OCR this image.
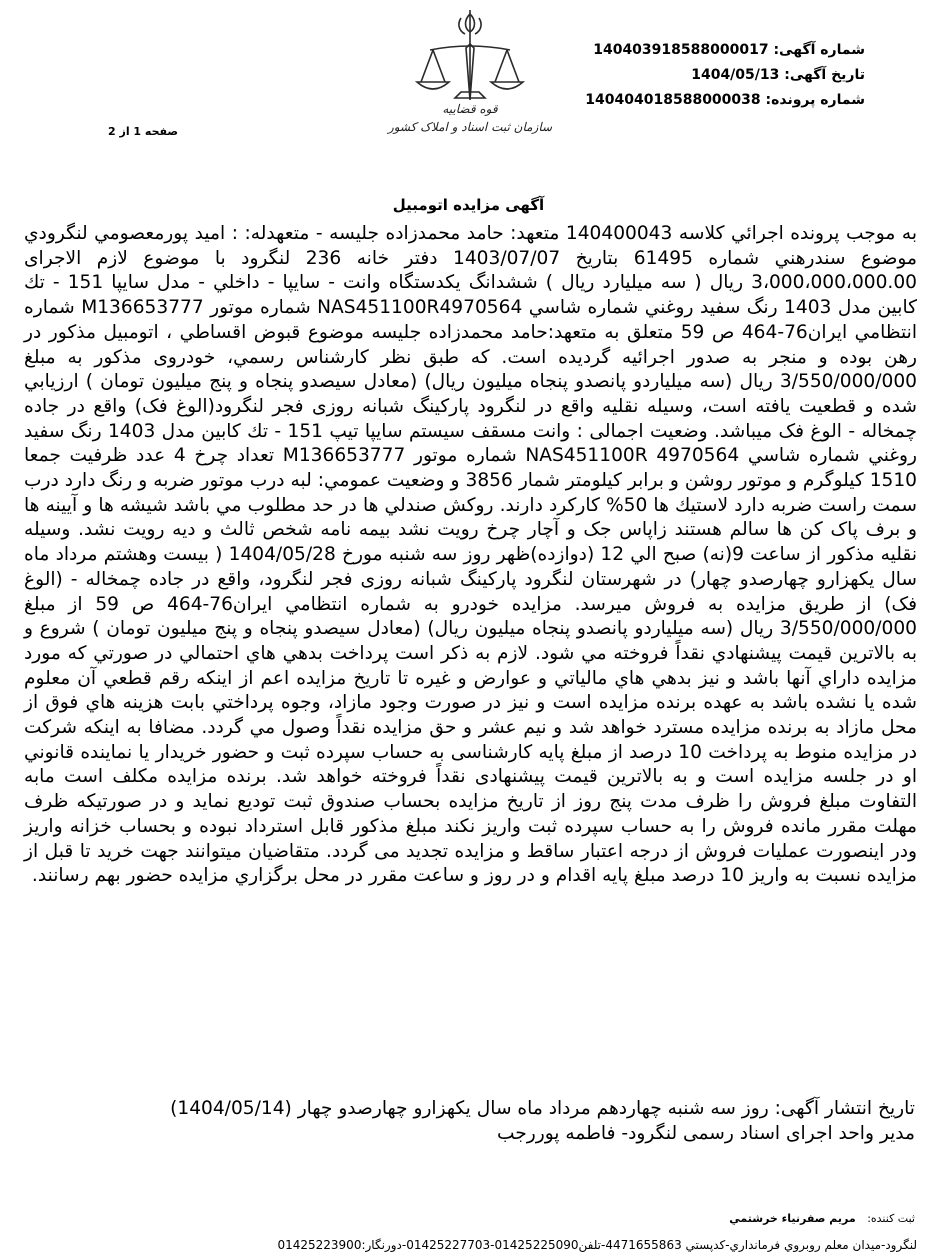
شماره آگهی: 14040391858800001​7
تاریخ آگهی: 1404/05/13
شماره پرونده: 14040401858800003​8
قوه قضاییه
سازمان ثبت اسناد و املاک کشور
صفحه 1 از 2
آگهی مزایده اتومبیل
به موجب پرونده اجرائي كلاسه 140400043 متعهد: حامد محمدزاده جلیسه - متعهدله: : امید پورمعصومي لنگرودي موضوع سندرهني شماره 61495 بتاريخ 1403/07/07 دفتر خانه 236 لنگرود با موضوع لازم الاجرای 3،000،000،000.00 ريال ( سه میلیارد ريال ) ششدانگ یکدستگاه وانت - سایپا - داخلي - مدل سايپا 151 - تك كابين مدل 1403 رنگ سفید روغني شماره شاسي NAS451100R4970564 شماره موتور M136653777 شماره انتظامي ايران76-464 ص 59 متعلق به متعهد:حامد محمدزاده جلیسه موضوع قبوض اقساطي ، اتومبيل مذكور در رهن بوده و منجر به صدور اجرائيه گرديده است. كه طبق نظر كارشناس رسمي، خودروی مذكور به مبلغ 3/550/000/000 ريال (سه میلیاردو پانصدو پنجاه میلیون ریال) (معادل سیصدو پنجاه و پنج میلیون تومان ) ارزيابي شده و قطعيت يافته است، وسيله نقليه واقع در لنگرود پارکینگ شبانه روزی فجر لنگرود(الوغ فک) واقع در جاده چمخاله - الوغ فک میباشد. وضعیت اجمالی : وانت مسقف سیستم سایپا تیپ 151 - تك كابين مدل 1403 رنگ سفید روغني شماره شاسي NAS451100R 4970564 شماره موتور M136653777 تعداد چرخ 4 عدد ظرفيت جمعا 1510 كيلوگرم و موتور روشن و برابر كيلومتر شمار 3856 و وضعيت عمومي: لبه درب موتور ضربه و رنگ دارد درب سمت راست ضربه دارد لاستيك ها 50% كاركرد دارند. روكش صندلي ها در حد مطلوب مي باشد شيشه ها و آيينه ها و برف پاک كن ها سالم هستند زاپاس جک و آچار چرخ رويت نشد بيمه نامه شخص ثالث و ديه رويت نشد. وسيله نقليه مذكور از ساعت 9(نه) صبح الي 12 (دوازده)ظهر روز سه شنبه مورخ 1404/05/28 ( بيست وهشتم مرداد ماه سال یکهزارو چهارصدو چهار) در شهرستان لنگرود پارکینگ شبانه روزی فجر لنگرود، واقع در جاده چمخاله - (الوغ فک) از طريق مزايده به فروش ميرسد. مزايده خودرو به شماره انتظامي ايران76-464 ص 59 از مبلغ 3/550/000/000 ريال (سه میلیاردو پانصدو پنجاه میلیون ریال) (معادل سیصدو پنجاه و پنج میلیون تومان ) شروع و به بالاترين قيمت پيشنهادي نقداً فروخته مي شود. لازم به ذكر است پرداخت بدهي هاي احتمالي در صورتي كه مورد مزايده داراي آنها باشد و نيز بدهي هاي مالياتي و عوارض و غيره تا تاريخ مزايده اعم از اينكه رقم قطعي آن معلوم شده يا نشده باشد به عهده برنده مزايده است و نيز در صورت وجود مازاد، وجوه پرداختي بابت هزينه هاي فوق از محل مازاد به برنده مزايده مسترد خواهد شد و نيم عشر و حق مزايده نقداً وصول مي گردد. مضافا به اینکه شرکت در مزایده منوط به پرداخت 10 درصد از مبلغ پایه کارشناسی به حساب سپرده ثبت و حضور خريدار يا نماينده قانوني او در جلسه مزایده است و به بالاترین قیمت پیشنهادی نقداً فروخته خواهد شد. برنده مزايده مكلف است مابه التفاوت مبلغ فروش را ظرف مدت پنج روز از تاريخ مزايده بحساب صندوق ثبت توديع نمايد و در صورتيكه ظرف مهلت مقرر مانده فروش را به حساب سپرده ثبت واريز نكند مبلغ مذكور قابل استرداد نبوده و بحساب خزانه واريز ودر اينصورت عمليات فروش از درجه اعتبار ساقط و مزايده تجديد می گردد. متقاضیان میتوانند جهت خرید تا قبل از مزایده نسبت به واریز 10 درصد مبلغ پایه اقدام و در روز و ساعت مقرر در محل برگزاري مزايده حضور بهم رسانند.
تاريخ انتشار آگهی: روز سه شنبه چهاردهم مرداد ماه سال یکهزارو چهارصدو چهار (1404/05/14)
مدير واحد اجرای اسناد رسمی لنگرود- فاطمه پوررجب
ثبت کننده: مریم صفرنیاء خرشتمي
لنگرود-ميدان معلم روبروي فرمانداري-كدپستي 4471655863-تلفن01425225090-01425227703-دورنگار:01425223900
